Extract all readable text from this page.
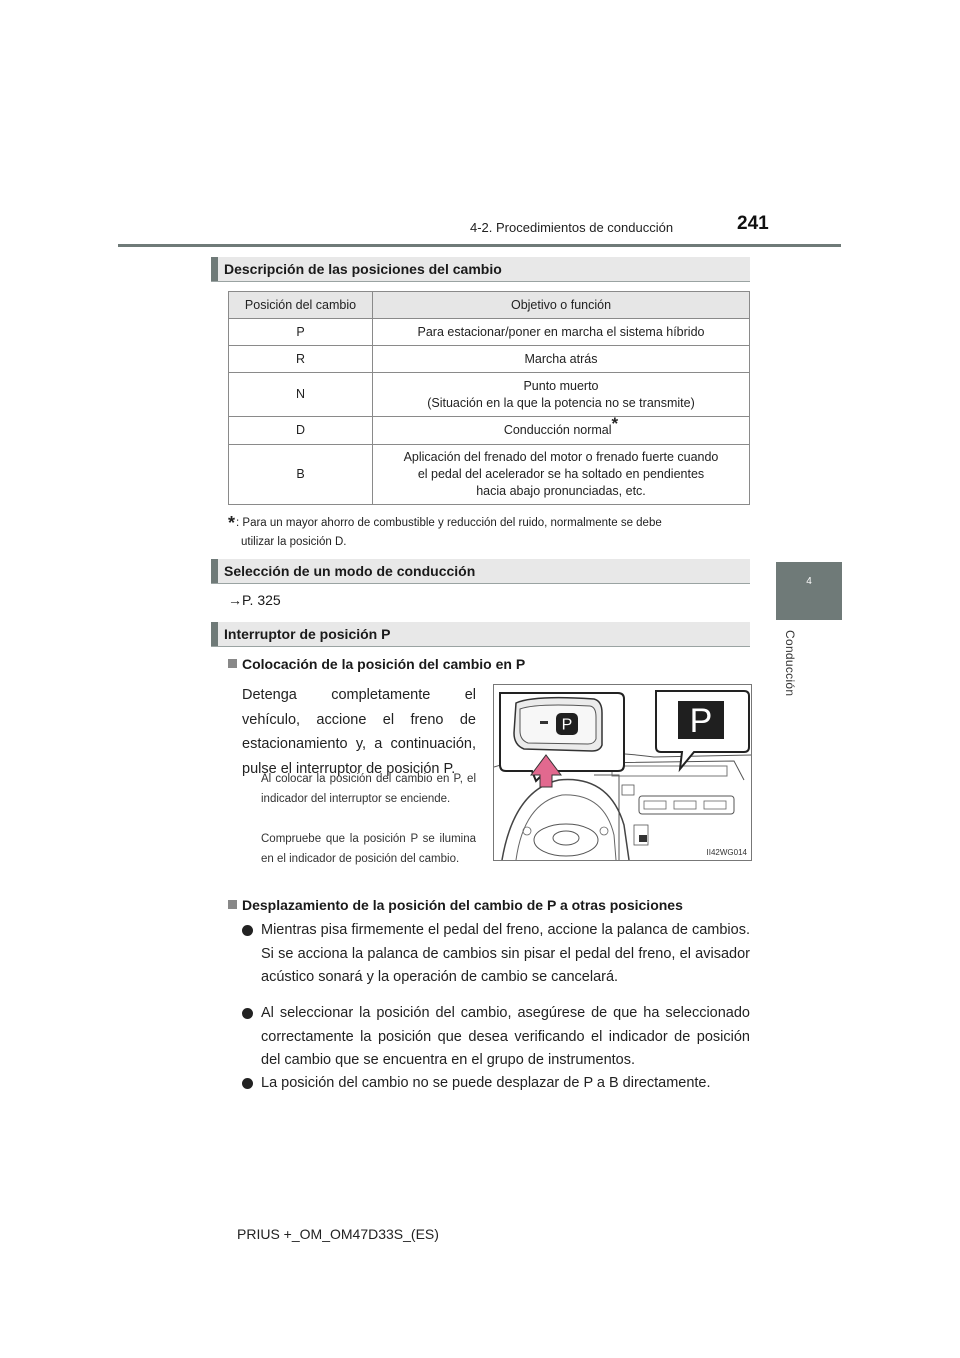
4-2. Procedimientos de conducción	241
4
Conducción
Descripción de las posiciones del cambio
Posición del cambio	Objetivo o función
P	Para estacionar/poner en marcha el sistema híbrido
R	Marcha atrás
N	Punto muerto
(Situación en la que la potencia no se transmite)

D	Conducción normal*
B	Aplicación del frenado del motor o frenado fuerte cuando
el pedal del acelerador se ha soltado en pendientes
hacia abajo pronunciadas, etc.
*: Para un mayor ahorro de combustible y reducción del ruido, normalmente se debe
utilizar la posición D.
Selección de un modo de conducción
→P. 325
Interruptor de posición P
Colocación de la posición del cambio en P
Detenga completamente el vehículo, accione el freno de estacionamiento y, a continuación, pulse el interruptor de posición P.
Al colocar la posición del cambio en P, el indicador del interruptor se enciende.
Compruebe que la posición P se ilumina en el indicador de posición del cambio.
P	P
II42WG014
Desplazamiento de la posición del cambio de P a otras posiciones
Mientras pisa firmemente el pedal del freno, accione la palanca de cambios. Si se acciona la palanca de cambios sin pisar el pedal del freno, el avisador acústico sonará y la operación de cambio se cancelará.
Al seleccionar la posición del cambio, asegúrese de que ha seleccionado correctamente la posición que desea verificando el indicador de posición del cambio que se encuentra en el grupo de instrumentos.
La posición del cambio no se puede desplazar de P a B directamente.
PRIUS +_OM_OM47D33S_(ES)
